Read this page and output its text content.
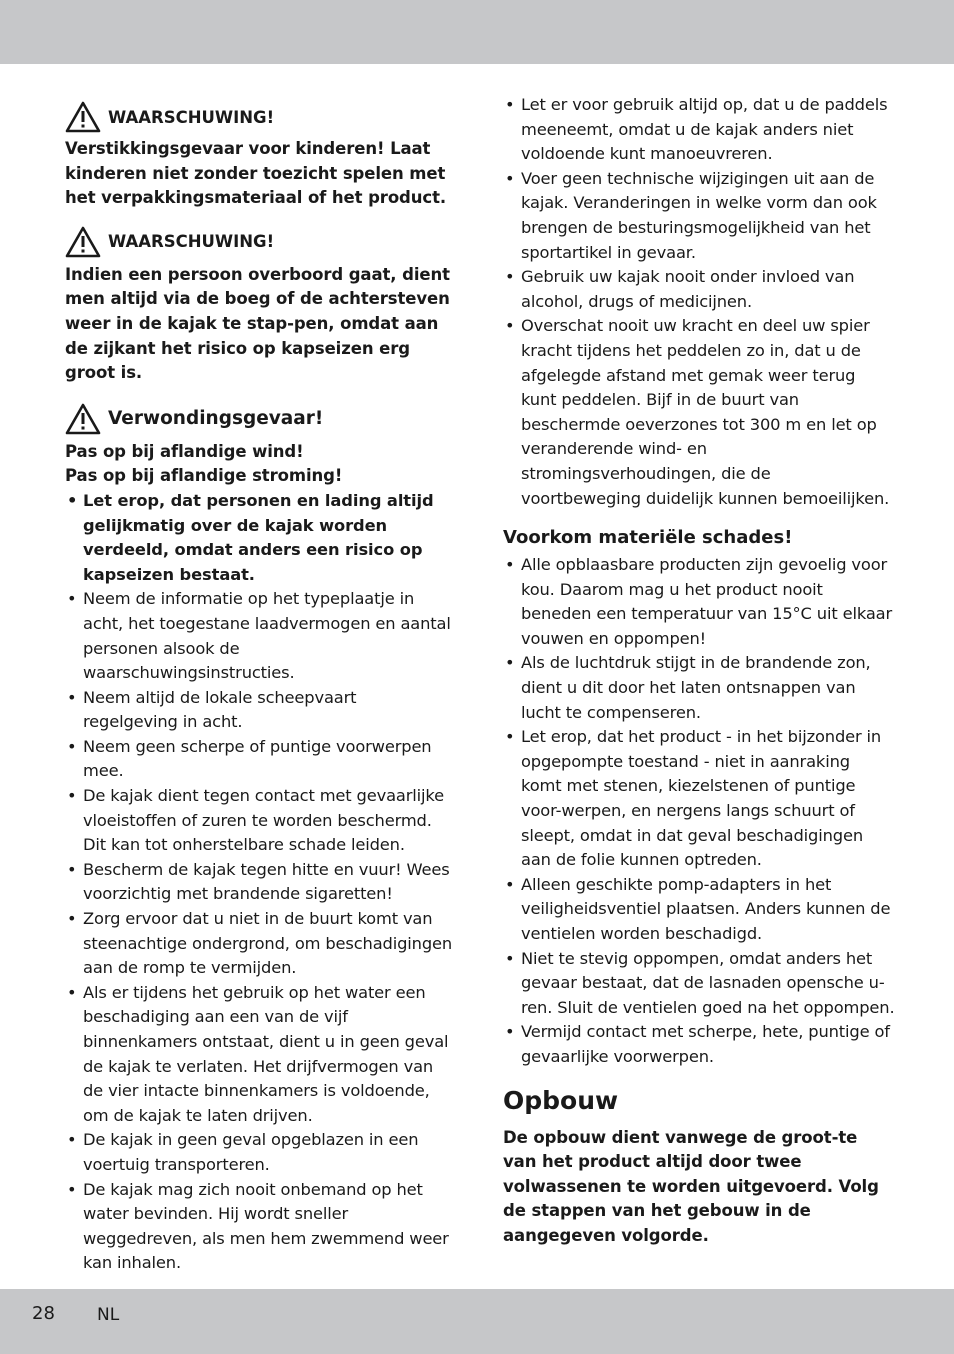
WAARSCHUWING!

Verstikkingsgevaar voor kinderen! Laat kinderen niet zonder toezicht spelen met het verpakkingsmateriaal of het product.

WAARSCHUWING!

Indien een persoon overboord gaat, dient men altijd via de boeg of de achtersteven weer in de kajak te stap-pen, omdat aan de zijkant het risico op kapseizen erg groot is.

Verwondingsgevaar!

Pas op bij aflandige wind!

Pas op bij aflandige stroming!

• Let erop, dat personen en lading altijd gelijkmatig over de kajak worden verdeeld, omdat anders een risico op kapseizen bestaat.
• Neem de informatie op het typeplaatje in acht, het toegestane laadvermogen en aantal personen alsook de waarschuwingsinstructies.
• Neem altijd de lokale scheepvaart regelgeving in acht.
• Neem geen scherpe of puntige voorwerpen mee.
• De kajak dient tegen contact met gevaarlijke vloeistoffen of zuren te worden beschermd. Dit kan tot onherstelbare schade leiden.
• Bescherm de kajak tegen hitte en vuur! Wees voorzichtig met brandende sigaretten!
• Zorg ervoor dat u niet in de buurt komt van steenachtige ondergrond, om beschadigingen aan de romp te vermijden.
• Als er tijdens het gebruik op het water een beschadiging aan een van de vijf binnenkamers ontstaat, dient u in geen geval de kajak te verlaten. Het drijfvermogen van de vier intacte binnenkamers is voldoende, om de kajak te laten drijven.
• De kajak in geen geval opgeblazen in een voertuig transporteren.
• De kajak mag zich nooit onbemand op het water bevinden. Hij wordt sneller weggedreven, als men hem zwemmend weer kan inhalen.
• Let er voor gebruik altijd op, dat u de paddels meeneemt, omdat u de kajak anders niet voldoende kunt manoeuvreren.
• Voer geen technische wijzigingen uit aan de kajak. Veranderingen in welke vorm dan ook brengen de besturingsmogelijkheid van het sportartikel in gevaar.
• Gebruik uw kajak nooit onder invloed van alcohol, drugs of medicijnen.
• Overschat nooit uw kracht en deel uw spier kracht tijdens het peddelen zo in, dat u de afgelegde afstand met gemak weer terug kunt peddelen. Bijf in de buurt van beschermde oeverzones tot 300 m en let op veranderende wind- en stromingsverhoudingen, die de voortbeweging duidelijk kunnen bemoeilijken.
Voorkom materiële schades!
• Alle opblaasbare producten zijn gevoelig voor kou. Daarom mag u het product nooit beneden een temperatuur van 15°C uit elkaar vouwen en oppompen!
• Als de luchtdruk stijgt in de brandende zon, dient u dit door het laten ontsnappen van lucht te compenseren.
• Let erop, dat het product - in het bijzonder in opgepompte toestand - niet in aanraking komt met stenen, kiezelstenen of puntige voor-werpen, en nergens langs schuurt of sleept, omdat in dat geval beschadigingen aan de folie kunnen optreden.
• Alleen geschikte pomp-adapters in het veiligheidsventiel plaatsen. Anders kunnen de ventielen worden beschadigd.
• Niet te stevig oppompen, omdat anders het gevaar bestaat, dat de lasnaden opensche u-ren. Sluit de ventielen goed na het oppompen.
• Vermijd contact met scherpe, hete, puntige of gevaarlijke voorwerpen.
Opbouw

De opbouw dient vanwege de groot-te van het product altijd door twee volwassenen te worden uitgevoerd. Volg de stappen van het gebouw in de aangegeven volgorde.

28 NL
